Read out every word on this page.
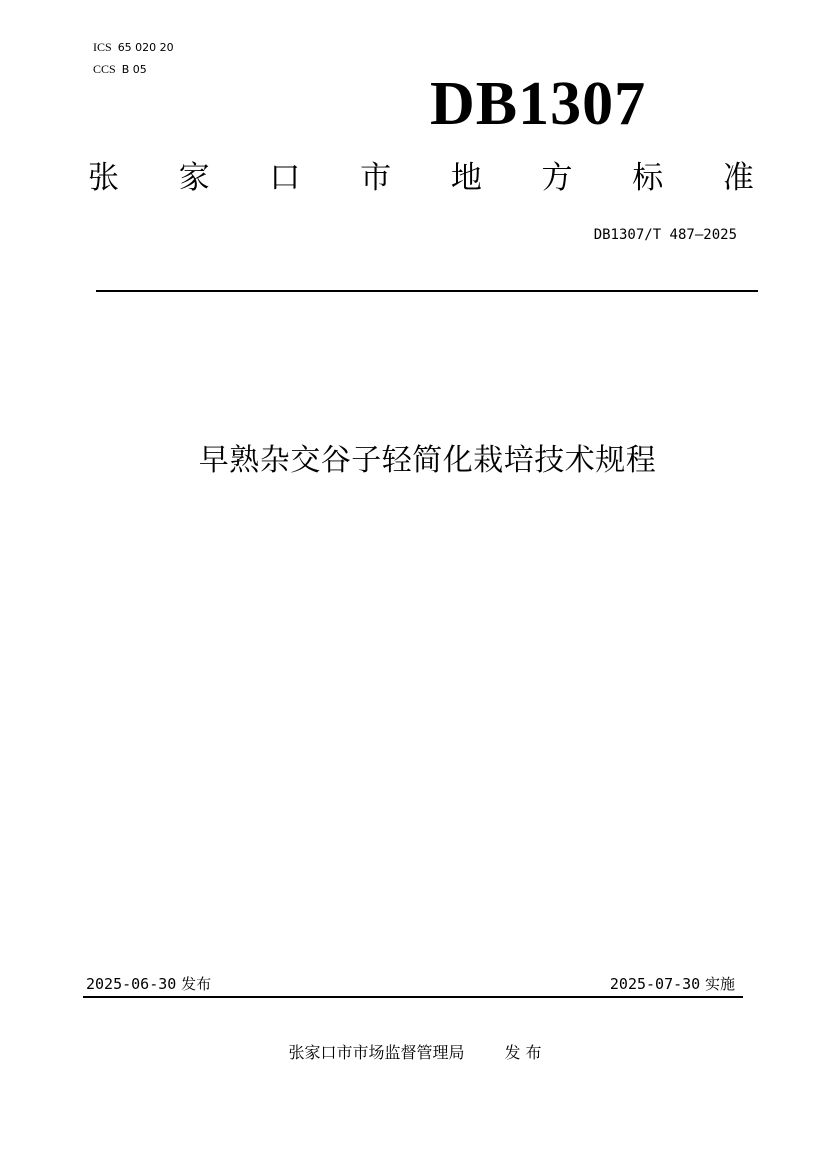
ICS 65 020 20
CCS B 05
DB1307
张 家 口 市 地 方 标 准
DB1307/T 487—2025
早熟杂交谷子轻简化栽培技术规程
2025-06-30 发布	2025-07-30 实施
张家口市市场监督管理局	发 布
